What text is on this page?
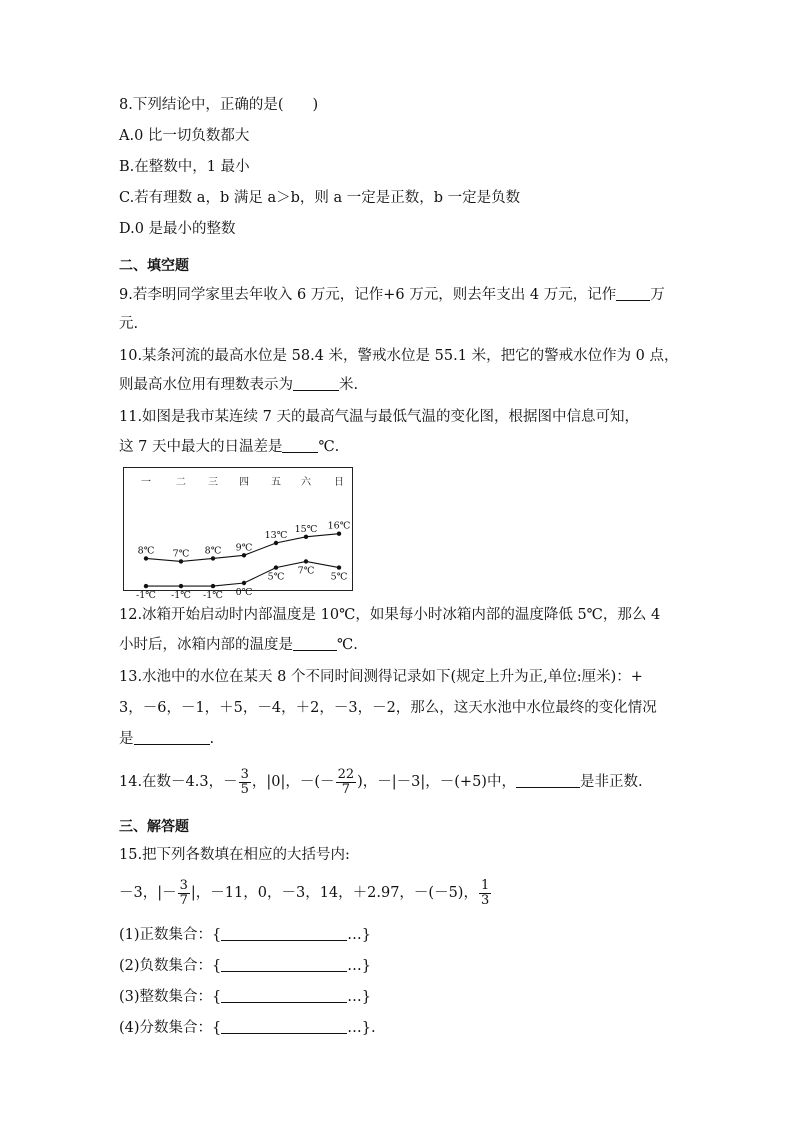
8.下列结论中，正确的是(　　)
A.0 比一切负数都大
B.在整数中，1 最小
C.若有理数 a，b 满足 a＞b，则 a 一定是正数，b 一定是负数
D.0 是最小的整数
二、填空题
9.若李明同学家里去年收入 6 万元，记作+6 万元，则去年支出 4 万元，记作 万
元.
10.某条河流的最高水位是 58.4 米，警戒水位是 55.1 米，把它的警戒水位作为 0 点，
则最高水位用有理数表示为	米.
11.如图是我市某连续 7 天的最高气温与最低气温的变化图，根据图中信息可知，
这 7 天中最大的日温差是 ℃.
一	二 三 四 五 六 日
8℃ 7℃ 8℃ 9℃
13℃
15℃ 16℃
-1℃ -1℃ -1℃ 0℃
5℃
7℃
5℃
12.冰箱开始启动时内部温度是 10℃，如果每小时冰箱内部的温度降低 5℃，那么 4
小时后，冰箱内部的温度是	℃.
13.水池中的水位在某天 8 个不同时间测得记录如下(规定上升为正,单位:厘米)：+
3，－6，－1，＋5，－4，＋2，－3，－2，那么，这天水池中水位最终的变化情况
是	.
14.在数－4.3，－ $\frac{3}{5}$ ，|0|，－(－ $\frac{22}{7}$ )，－|－3|，－(+5)中，	是非正数.
三、解答题
15.把下列各数填在相应的大括号内:
－3，|－ $\frac{3}{7}$ |，－11，0，－3，14，＋2.97，－(－5)， $\frac{1}{3}$
(1)正数集合：{	…}
(2)负数集合：{	…}
(3)整数集合：{	…}
(4)分数集合：{	…}.
